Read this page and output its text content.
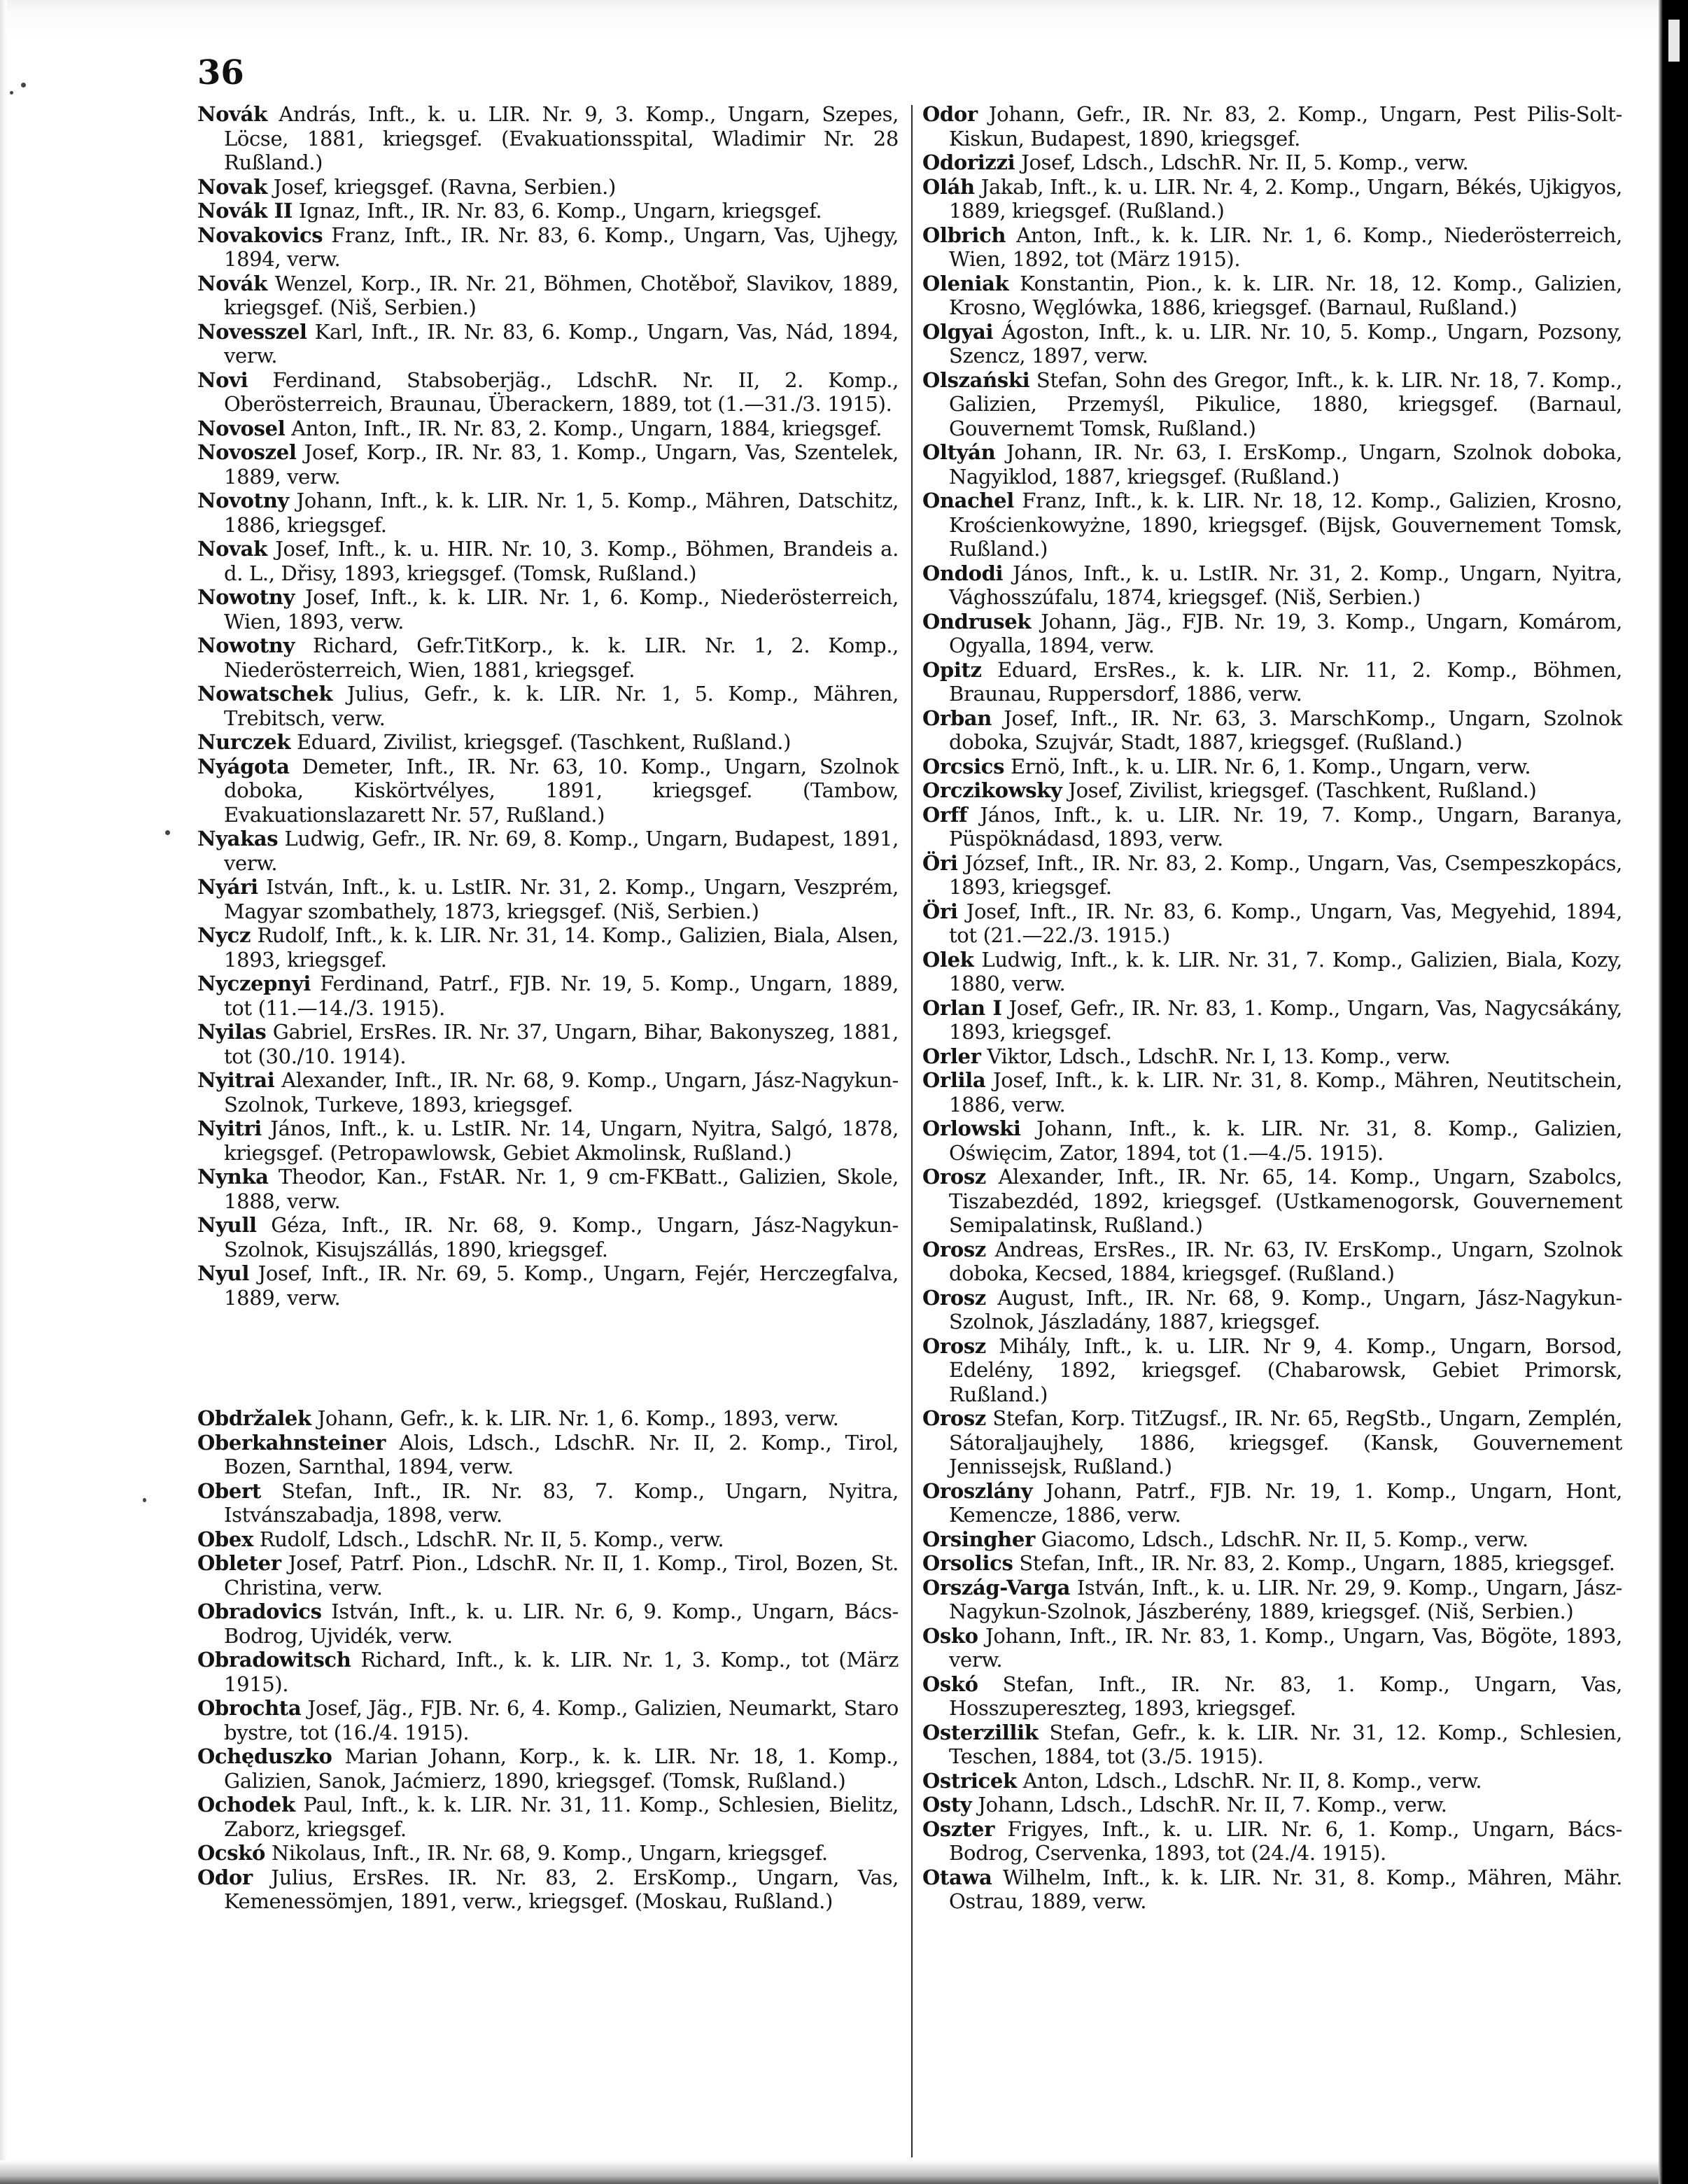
36

Novák András, Inft., k. u. LIR. Nr. 9, 3. Komp., Ungarn, Szepes, Löcse, 1881, kriegsgef. (Evakuationsspital, Wladimir Nr. 28 Rußland.)

Novak Josef, kriegsgef. (Ravna, Serbien.)

Novák II Ignaz, Inft., IR. Nr. 83, 6. Komp., Ungarn, kriegsgef.

Novakovics Franz, Inft., IR. Nr. 83, 6. Komp., Ungarn, Vas, Ujhegy, 1894, verw.

Novák Wenzel, Korp., IR. Nr. 21, Böhmen, Chotěboř, Slavikov, 1889, kriegsgef. (Niš, Serbien.)

Novesszel Karl, Inft., IR. Nr. 83, 6. Komp., Ungarn, Vas, Nád, 1894, verw.

Novi Ferdinand, Stabsoberjäg., LdschR. Nr. II, 2. Komp., Oberösterreich, Braunau, Überackern, 1889, tot (1.—31./3. 1915).

Novosel Anton, Inft., IR. Nr. 83, 2. Komp., Ungarn, 1884, kriegsgef.

Novoszel Josef, Korp., IR. Nr. 83, 1. Komp., Ungarn, Vas, Szentelek, 1889, verw.

Novotny Johann, Inft., k. k. LIR. Nr. 1, 5. Komp., Mähren, Datschitz, 1886, kriegsgef.

Novak Josef, Inft., k. u. HIR. Nr. 10, 3. Komp., Böhmen, Brandeis a. d. L., Dřisy, 1893, kriegsgef. (Tomsk, Rußland.)

Nowotny Josef, Inft., k. k. LIR. Nr. 1, 6. Komp., Niederösterreich, Wien, 1893, verw.

Nowotny Richard, Gefr.TitKorp., k. k. LIR. Nr. 1, 2. Komp., Niederösterreich, Wien, 1881, kriegsgef.

Nowatschek Julius, Gefr., k. k. LIR. Nr. 1, 5. Komp., Mähren, Trebitsch, verw.

Nurczek Eduard, Zivilist, kriegsgef. (Taschkent, Rußland.)

Nyágota Demeter, Inft., IR. Nr. 63, 10. Komp., Ungarn, Szolnok doboka, Kiskörtvélyes, 1891, kriegsgef. (Tambow, Evakuationslazarett Nr. 57, Rußland.)

Nyakas Ludwig, Gefr., IR. Nr. 69, 8. Komp., Ungarn, Budapest, 1891, verw.

Nyári István, Inft., k. u. LstIR. Nr. 31, 2. Komp., Ungarn, Veszprém, Magyar szombathely, 1873, kriegsgef. (Niš, Serbien.)

Nycz Rudolf, Inft., k. k. LIR. Nr. 31, 14. Komp., Galizien, Biala, Alsen, 1893, kriegsgef.

Nyczepnyi Ferdinand, Patrf., FJB. Nr. 19, 5. Komp., Ungarn, 1889, tot (11.—14./3. 1915).

Nyilas Gabriel, ErsRes. IR. Nr. 37, Ungarn, Bihar, Bakonyszeg, 1881, tot (30./10. 1914).

Nyitrai Alexander, Inft., IR. Nr. 68, 9. Komp., Ungarn, Jász-Nagykun-Szolnok, Turkeve, 1893, kriegsgef.

Nyitri János, Inft., k. u. LstIR. Nr. 14, Ungarn, Nyitra, Salgó, 1878, kriegsgef. (Petropawlowsk, Gebiet Akmolinsk, Rußland.)

Nynka Theodor, Kan., FstAR. Nr. 1, 9 cm-FKBatt., Galizien, Skole, 1888, verw.

Nyull Géza, Inft., IR. Nr. 68, 9. Komp., Ungarn, Jász-Nagykun-Szolnok, Kisujszállás, 1890, kriegsgef.

Nyul Josef, Inft., IR. Nr. 69, 5. Komp., Ungarn, Fejér, Herczegfalva, 1889, verw.

Obdržalek Johann, Gefr., k. k. LIR. Nr. 1, 6. Komp., 1893, verw.

Oberkahnsteiner Alois, Ldsch., LdschR. Nr. II, 2. Komp., Tirol, Bozen, Sarnthal, 1894, verw.

Obert Stefan, Inft., IR. Nr. 83, 7. Komp., Ungarn, Nyitra, Istvánszabadja, 1898, verw.

Obex Rudolf, Ldsch., LdschR. Nr. II, 5. Komp., verw.

Obleter Josef, Patrf. Pion., LdschR. Nr. II, 1. Komp., Tirol, Bozen, St. Christina, verw.

Obradovics István, Inft., k. u. LIR. Nr. 6, 9. Komp., Ungarn, Bács-Bodrog, Ujvidék, verw.

Obradowitsch Richard, Inft., k. k. LIR. Nr. 1, 3. Komp., tot (März 1915).

Obrochta Josef, Jäg., FJB. Nr. 6, 4. Komp., Galizien, Neumarkt, Staro bystre, tot (16./4. 1915).

Ochęduszko Marian Johann, Korp., k. k. LIR. Nr. 18, 1. Komp., Galizien, Sanok, Jaćmierz, 1890, kriegsgef. (Tomsk, Rußland.)

Ochodek Paul, Inft., k. k. LIR. Nr. 31, 11. Komp., Schlesien, Bielitz, Zaborz, kriegsgef.

Ocskó Nikolaus, Inft., IR. Nr. 68, 9. Komp., Ungarn, kriegsgef.

Odor Julius, ErsRes. IR. Nr. 83, 2. ErsKomp., Ungarn, Vas, Kemenessömjen, 1891, verw., kriegsgef. (Moskau, Rußland.)

Odor Johann, Gefr., IR. Nr. 83, 2. Komp., Ungarn, Pest Pilis-Solt-Kiskun, Budapest, 1890, kriegsgef.

Odorizzi Josef, Ldsch., LdschR. Nr. II, 5. Komp., verw.

Oláh Jakab, Inft., k. u. LIR. Nr. 4, 2. Komp., Ungarn, Békés, Ujkigyos, 1889, kriegsgef. (Rußland.)

Olbrich Anton, Inft., k. k. LIR. Nr. 1, 6. Komp., Niederösterreich, Wien, 1892, tot (März 1915).

Oleniak Konstantin, Pion., k. k. LIR. Nr. 18, 12. Komp., Galizien, Krosno, Węglówka, 1886, kriegsgef. (Barnaul, Rußland.)

Olgyai Ágoston, Inft., k. u. LIR. Nr. 10, 5. Komp., Ungarn, Pozsony, Szencz, 1897, verw.

Olszański Stefan, Sohn des Gregor, Inft., k. k. LIR. Nr. 18, 7. Komp., Galizien, Przemyśl, Pikulice, 1880, kriegsgef. (Barnaul, Gouvernemt Tomsk, Rußland.)

Oltyán Johann, IR. Nr. 63, I. ErsKomp., Ungarn, Szolnok doboka, Nagyiklod, 1887, kriegsgef. (Rußland.)

Onachel Franz, Inft., k. k. LIR. Nr. 18, 12. Komp., Galizien, Krosno, Krościenkowyżne, 1890, kriegsgef. (Bijsk, Gouvernement Tomsk, Rußland.)

Ondodi János, Inft., k. u. LstIR. Nr. 31, 2. Komp., Ungarn, Nyitra, Vághosszúfalu, 1874, kriegsgef. (Niš, Serbien.)

Ondrusek Johann, Jäg., FJB. Nr. 19, 3. Komp., Ungarn, Komárom, Ogyalla, 1894, verw.

Opitz Eduard, ErsRes., k. k. LIR. Nr. 11, 2. Komp., Böhmen, Braunau, Ruppersdorf, 1886, verw.

Orban Josef, Inft., IR. Nr. 63, 3. MarschKomp., Ungarn, Szolnok doboka, Szujvár, Stadt, 1887, kriegsgef. (Rußland.)

Orcsics Ernö, Inft., k. u. LIR. Nr. 6, 1. Komp., Ungarn, verw.

Orczikowsky Josef, Zivilist, kriegsgef. (Taschkent, Rußland.)

Orff János, Inft., k. u. LIR. Nr. 19, 7. Komp., Ungarn, Baranya, Püspöknádasd, 1893, verw.

Öri József, Inft., IR. Nr. 83, 2. Komp., Ungarn, Vas, Csempeszkopács, 1893, kriegsgef.

Öri Josef, Inft., IR. Nr. 83, 6. Komp., Ungarn, Vas, Megyehid, 1894, tot (21.—22./3. 1915.)

Olek Ludwig, Inft., k. k. LIR. Nr. 31, 7. Komp., Galizien, Biala, Kozy, 1880, verw.

Orlan I Josef, Gefr., IR. Nr. 83, 1. Komp., Ungarn, Vas, Nagycsákány, 1893, kriegsgef.

Orler Viktor, Ldsch., LdschR. Nr. I, 13. Komp., verw.

Orlila Josef, Inft., k. k. LIR. Nr. 31, 8. Komp., Mähren, Neutitschein, 1886, verw.

Orlowski Johann, Inft., k. k. LIR. Nr. 31, 8. Komp., Galizien, Oświęcim, Zator, 1894, tot (1.—4./5. 1915).

Orosz Alexander, Inft., IR. Nr. 65, 14. Komp., Ungarn, Szabolcs, Tiszabezdéd, 1892, kriegsgef. (Ustkamenogorsk, Gouvernement Semipalatinsk, Rußland.)

Orosz Andreas, ErsRes., IR. Nr. 63, IV. ErsKomp., Ungarn, Szolnok doboka, Kecsed, 1884, kriegsgef. (Rußland.)

Orosz August, Inft., IR. Nr. 68, 9. Komp., Ungarn, Jász-Nagykun-Szolnok, Jászladány, 1887, kriegsgef.

Orosz Mihály, Inft., k. u. LIR. Nr 9, 4. Komp., Ungarn, Borsod, Edelény, 1892, kriegsgef. (Chabarowsk, Gebiet Primorsk, Rußland.)

Orosz Stefan, Korp. TitZugsf., IR. Nr. 65, RegStb., Ungarn, Zemplén, Sátoraljaujhely, 1886, kriegsgef. (Kansk, Gouvernement Jennissejsk, Rußland.)

Oroszlány Johann, Patrf., FJB. Nr. 19, 1. Komp., Ungarn, Hont, Kemencze, 1886, verw.

Orsingher Giacomo, Ldsch., LdschR. Nr. II, 5. Komp., verw.

Orsolics Stefan, Inft., IR. Nr. 83, 2. Komp., Ungarn, 1885, kriegsgef.

Ország-Varga István, Inft., k. u. LIR. Nr. 29, 9. Komp., Ungarn, Jász-Nagykun-Szolnok, Jászberény, 1889, kriegsgef. (Niš, Serbien.)

Osko Johann, Inft., IR. Nr. 83, 1. Komp., Ungarn, Vas, Bögöte, 1893, verw.

Oskó Stefan, Inft., IR. Nr. 83, 1. Komp., Ungarn, Vas, Hosszupereszteg, 1893, kriegsgef.

Osterzillik Stefan, Gefr., k. k. LIR. Nr. 31, 12. Komp., Schlesien, Teschen, 1884, tot (3./5. 1915).

Ostricek Anton, Ldsch., LdschR. Nr. II, 8. Komp., verw.

Osty Johann, Ldsch., LdschR. Nr. II, 7. Komp., verw.

Oszter Frigyes, Inft., k. u. LIR. Nr. 6, 1. Komp., Ungarn, Bács-Bodrog, Cservenka, 1893, tot (24./4. 1915).

Otawa Wilhelm, Inft., k. k. LIR. Nr. 31, 8. Komp., Mähren, Mähr. Ostrau, 1889, verw.
